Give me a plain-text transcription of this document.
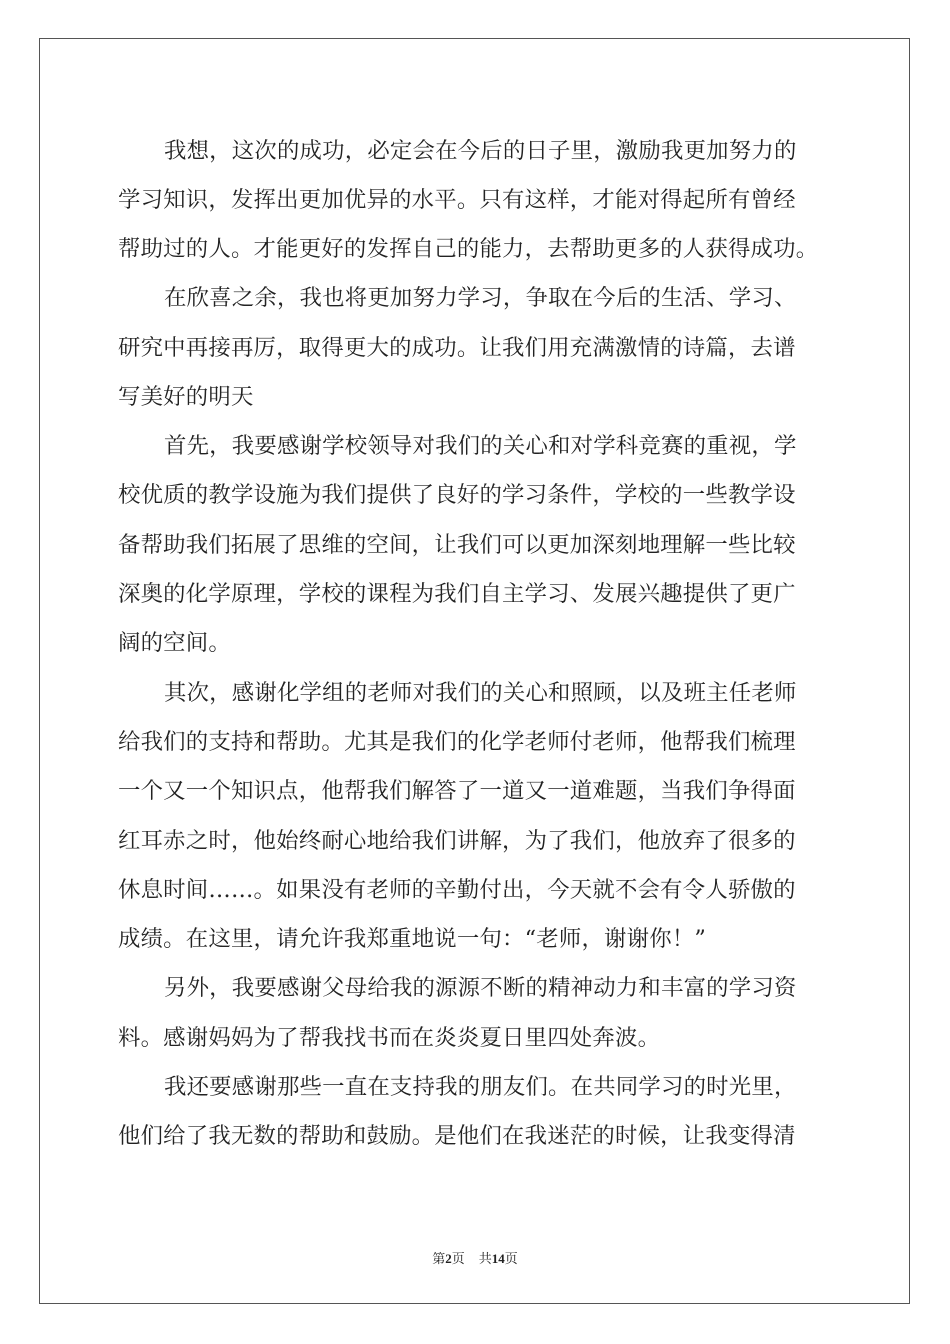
我想，这次的成功，必定会在今后的日子里，激励我更加努力的
学习知识，发挥出更加优异的水平。只有这样，才能对得起所有曾经
帮助过的人。才能更好的发挥自己的能力，去帮助更多的人获得成功。
在欣喜之余，我也将更加努力学习，争取在今后的生活、学习、
研究中再接再厉，取得更大的成功。让我们用充满激情的诗篇，去谱
写美好的明天
首先，我要感谢学校领导对我们的关心和对学科竞赛的重视，学
校优质的教学设施为我们提供了良好的学习条件，学校的一些教学设
备帮助我们拓展了思维的空间，让我们可以更加深刻地理解一些比较
深奥的化学原理，学校的课程为我们自主学习、发展兴趣提供了更广
阔的空间。
其次，感谢化学组的老师对我们的关心和照顾，以及班主任老师
给我们的支持和帮助。尤其是我们的化学老师付老师，他帮我们梳理
一个又一个知识点，他帮我们解答了一道又一道难题，当我们争得面
红耳赤之时，他始终耐心地给我们讲解，为了我们，他放弃了很多的
休息时间……。如果没有老师的辛勤付出，今天就不会有令人骄傲的
成绩。在这里，请允许我郑重地说一句：“老师，谢谢你！”
另外，我要感谢父母给我的源源不断的精神动力和丰富的学习资
料。感谢妈妈为了帮我找书而在炎炎夏日里四处奔波。
我还要感谢那些一直在支持我的朋友们。在共同学习的时光里，
他们给了我无数的帮助和鼓励。是他们在我迷茫的时候，让我变得清
第2页 共14页
